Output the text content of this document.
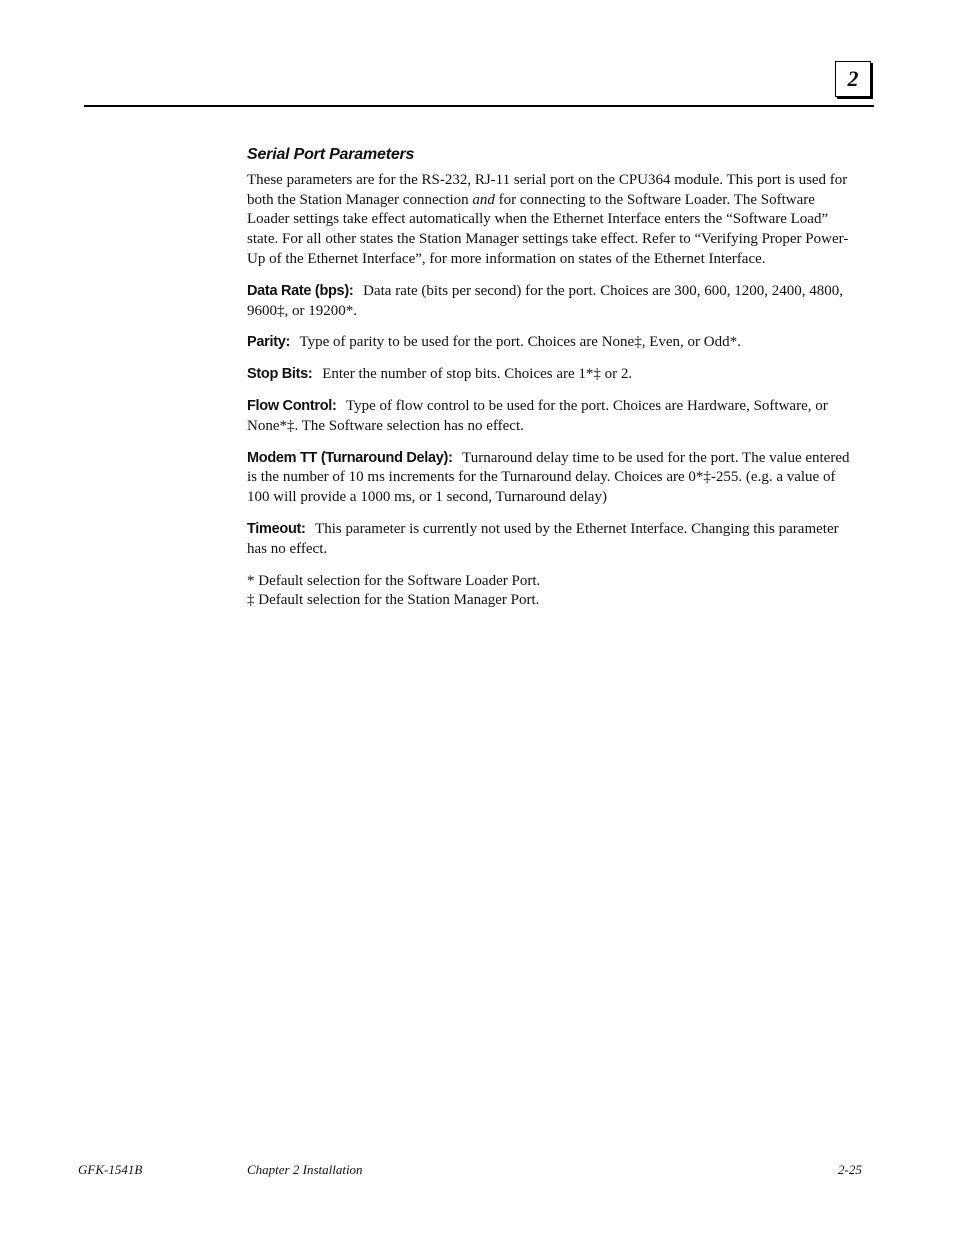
2
Serial Port Parameters

These parameters are for the RS-232, RJ-11 serial port on the CPU364 module. This port is used for both the Station Manager connection and for connecting to the Software Loader. The Software Loader settings take effect automatically when the Ethernet Interface enters the “Software Load” state. For all other states the Station Manager settings take effect. Refer to “Verifying Proper Power-Up of the Ethernet Interface”, for more information on states of the Ethernet Interface.

Data Rate (bps): Data rate (bits per second) for the port. Choices are 300, 600, 1200, 2400, 4800, 9600‡, or 19200*.
Parity: Type of parity to be used for the port. Choices are None‡, Even, or Odd*.
Stop Bits: Enter the number of stop bits. Choices are 1*‡ or 2.
Flow Control: Type of flow control to be used for the port. Choices are Hardware, Software, or None*‡. The Software selection has no effect.
Modem TT (Turnaround Delay): Turnaround delay time to be used for the port. The value entered is the number of 10 ms increments for the Turnaround delay. Choices are 0*‡-255. (e.g. a value of 100 will provide a 1000 ms, or 1 second, Turnaround delay)
Timeout: This parameter is currently not used by the Ethernet Interface. Changing this parameter has no effect.

* Default selection for the Software Loader Port.

‡ Default selection for the Station Manager Port.

GFK-1541B	Chapter 2 Installation	2-25
